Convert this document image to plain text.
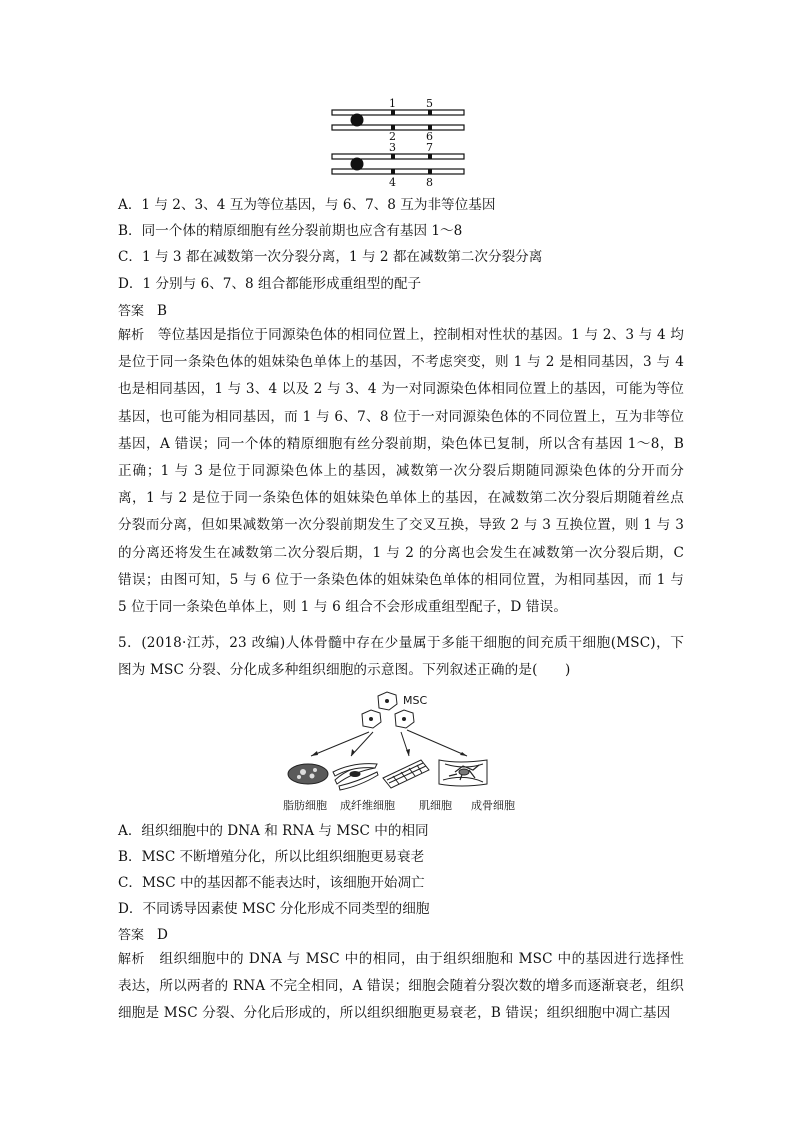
1	5
2	6
3	7
4	8
A．1 与 2、3、4 互为等位基因，与 6、7、8 互为非等位基因
B．同一个体的精原细胞有丝分裂前期也应含有基因 1～8
C．1 与 3 都在减数第一次分裂分离，1 与 2 都在减数第二次分裂分离
D．1 分别与 6、7、8 组合都能形成重组型的配子
答案 B
解析 等位基因是指位于同源染色体的相同位置上，控制相对性状的基因。1 与 2、3 与 4 均是位于同一条染色体的姐妹染色单体上的基因，不考虑突变，则 1 与 2 是相同基因，3 与 4 也是相同基因，1 与 3、4 以及 2 与 3、4 为一对同源染色体相同位置上的基因，可能为等位基因，也可能为相同基因，而 1 与 6、7、8 位于一对同源染色体的不同位置上，互为非等位基因，A 错误；同一个体的精原细胞有丝分裂前期，染色体已复制，所以含有基因 1～8，B 正确；1 与 3 是位于同源染色体上的基因，减数第一次分裂后期随同源染色体的分开而分离，1 与 2 是位于同一条染色体的姐妹染色单体上的基因，在减数第二次分裂后期随着丝点分裂而分离，但如果减数第一次分裂前期发生了交叉互换，导致 2 与 3 互换位置，则 1 与 3 的分离还将发生在减数第二次分裂后期，1 与 2 的分离也会发生在减数第一次分裂后期，C 错误；由图可知，5 与 6 位于一条染色体的姐妹染色单体的相同位置，为相同基因，而 1 与 5 位于同一条染色单体上，则 1 与 6 组合不会形成重组型配子，D 错误。
5．(2018·江苏，23 改编)人体骨髓中存在少量属于多能干细胞的间充质干细胞(MSC)，下图为 MSC 分裂、分化成多种组织细胞的示意图。下列叙述正确的是(　　)
MSC
脂肪细胞 成纤维细胞 肌细胞 成骨细胞
A．组织细胞中的 DNA 和 RNA 与 MSC 中的相同
B．MSC 不断增殖分化，所以比组织细胞更易衰老
C．MSC 中的基因都不能表达时，该细胞开始凋亡
D．不同诱导因素使 MSC 分化形成不同类型的细胞
答案 D
解析 组织细胞中的 DNA 与 MSC 中的相同，由于组织细胞和 MSC 中的基因进行选择性表达，所以两者的 RNA 不完全相同，A 错误；细胞会随着分裂次数的增多而逐渐衰老，组织细胞是 MSC 分裂、分化后形成的，所以组织细胞更易衰老，B 错误；组织细胞中凋亡基因
